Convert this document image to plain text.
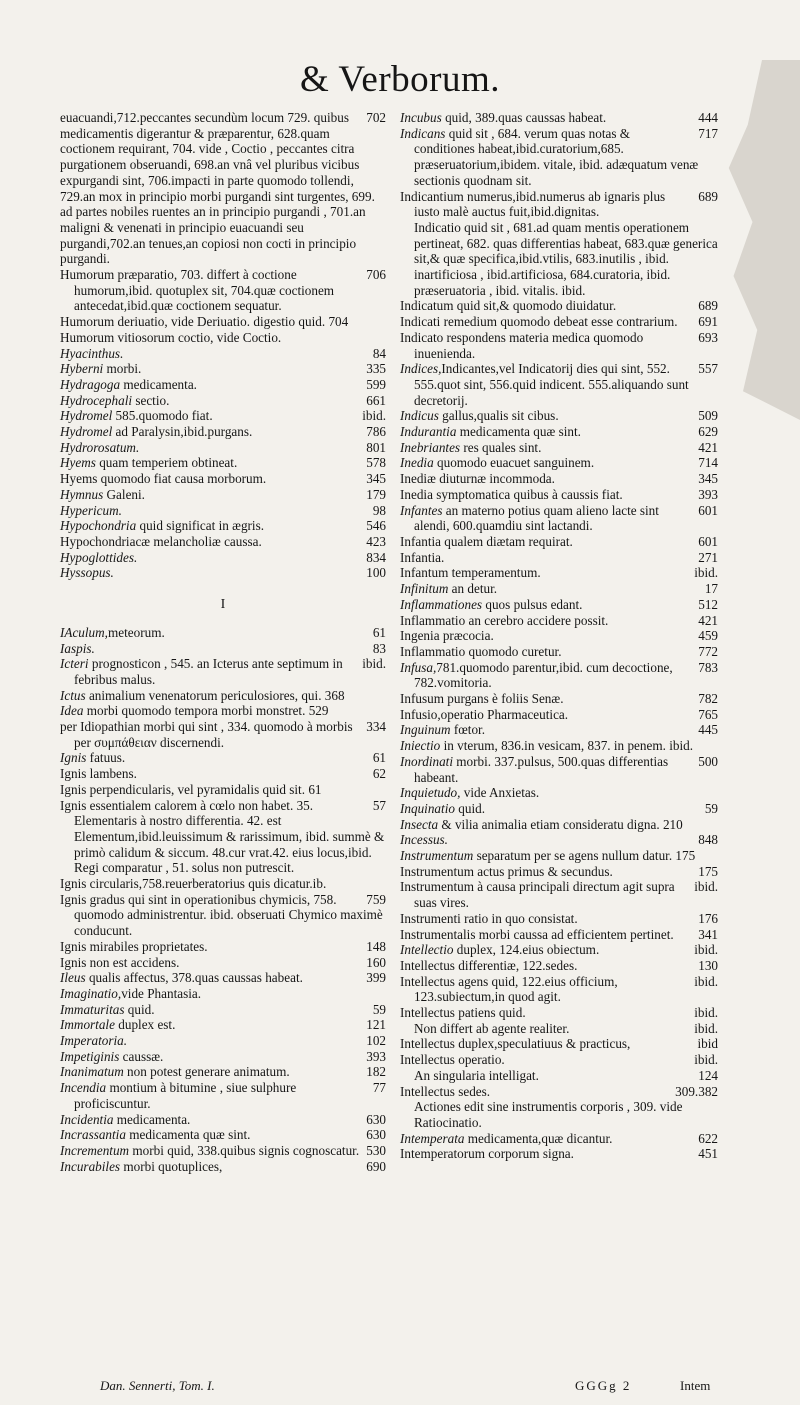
& Verborum.
702
euacuandi,712.peccantes secundùm locum 729. quibus medicamentis digerantur & præparentur, 628.quam coctionem requirant, 704. vide , Coctio , peccantes citra purgationem obseruandi, 698.an vnâ vel pluribus vicibus expurgandi sint, 706.impacti in parte quomodo tollendi, 729.an mox in principio morbi purgandi sint turgentes, 699. ad partes nobiles ruentes an in principio purgandi , 701.an maligni & venenati in principio euacuandi seu purgandi,702.an tenues,an copiosi non cocti in principio purgandi.
706
Humorum præparatio, 703. differt à coctione humorum,ibid. quotuplex sit, 704.quæ coctionem antecedat,ibid.quæ coctionem sequatur.
Humorum deriuatio, vide Deriuatio. digestio quid. 704
Humorum vitiosorum coctio, vide Coctio.
84
Hyacinthus.
335
Hyberni morbi.
599
Hydragoga medicamenta.
661
Hydrocephali sectio.
ibid.
Hydromel 585.quomodo fiat.
786
Hydromel ad Paralysin,ibid.purgans.
801
Hydrorosatum.
578
Hyems quam temperiem obtineat.
345
Hyems quomodo fiat causa morborum.
179
Hymnus Galeni.
98
Hypericum.
546
Hypochondria quid significat in ægris.
423
Hypochondriacæ melancholiæ caussa.
834
Hypoglottides.
100
Hyssopus.
I
61
IAculum,meteorum.
83
Iaspis.
ibid.
Icteri prognosticon , 545. an Icterus ante septimum in febribus malus.
Ictus animalium venenatorum periculosiores, qui. 368
Idea morbi quomodo tempora morbi monstret. 529
334
per Idiopathian morbi qui sint , 334. quomodo à morbis per συμπάθειαν discernendi.
61
Ignis fatuus.
62
Ignis lambens.
Ignis perpendicularis, vel pyramidalis quid sit. 61
57
Ignis essentialem calorem à cœlo non habet. 35. Elementaris à nostro differentia. 42. est Elementum,ibid.leuissimum & rarissimum, ibid. summè & primò calidum & siccum. 48.cur vrat.42. eius locus,ibid. Regi comparatur , 51. solus non putrescit.
Ignis circularis,758.reuerberatorius quis dicatur.ib.
759
Ignis gradus qui sint in operationibus chymicis, 758. quomodo administrentur. ibid. obseruati Chymico maximè conducunt.
148
Ignis mirabiles proprietates.
160
Ignis non est accidens.
399
Ileus qualis affectus, 378.quas caussas habeat.
Imaginatio,vide Phantasia.
59
Immaturitas quid.
121
Immortale duplex est.
102
Imperatoria.
393
Impetiginis caussæ.
182
Inanimatum non potest generare animatum.
77
Incendia montium à bitumine , siue sulphure proficiscuntur.
630
Incidentia medicamenta.
630
Incrassantia medicamenta quæ sint.
530
Incrementum morbi quid, 338.quibus signis cognoscatur.
690
Incurabiles morbi quotuplices,
444
Incubus quid, 389.quas caussas habeat.
717
Indicans quid sit , 684. verum quas notas & conditiones habeat,ibid.curatorium,685. præseruatorium,ibidem. vitale, ibid. adæquatum venæ sectionis quodnam sit.
689
Indicantium numerus,ibid.numerus ab ignaris plus iusto malè auctus fuit,ibid.dignitas.
Indicatio quid sit , 681.ad quam mentis operationem pertineat, 682. quas differentias habeat, 683.quæ generica sit,& quæ specifica,ibid.vtilis, 683.inutilis , ibid. inartificiosa , ibid.artificiosa, 684.curatoria, ibid. præseruatoria , ibid. vitalis. ibid.
689
Indicatum quid sit,& quomodo diuidatur.
691
Indicati remedium quomodo debeat esse contrarium.
693
Indicato respondens materia medica quomodo inuenienda.
557
Indices,Indicantes,vel Indicatorij dies qui sint, 552. 555.quot sint, 556.quid indicent. 555.aliquando sunt decretorij.
509
Indicus gallus,qualis sit cibus.
629
Indurantia medicamenta quæ sint.
421
Inebriantes res quales sint.
714
Inedia quomodo euacuet sanguinem.
345
Inediæ diuturnæ incommoda.
393
Inedia symptomatica quibus à caussis fiat.
601
Infantes an materno potius quam alieno lacte sint alendi, 600.quamdiu sint lactandi.
601
Infantia qualem diætam requirat.
271
Infantia.
ibid.
Infantum temperamentum.
17
Infinitum an detur.
512
Inflammationes quos pulsus edant.
421
Inflammatio an cerebro accidere possit.
459
Ingenia præcocia.
772
Inflammatio quomodo curetur.
783
Infusa,781.quomodo parentur,ibid. cum decoctione, 782.vomitoria.
782
Infusum purgans è foliis Senæ.
765
Infusio,operatio Pharmaceutica.
445
Inguinum fœtor.
Iniectio in vterum, 836.in vesicam, 837. in penem. ibid.
500
Inordinati morbi. 337.pulsus, 500.quas differentias habeant.
Inquietudo, vide Anxietas.
59
Inquinatio quid.
Insecta & vilia animalia etiam consideratu digna. 210
848
Incessus.
Instrumentum separatum per se agens nullum datur. 175
175
Instrumentum actus primus & secundus.
ibid.
Instrumentum à causa principali directum agit supra suas vires.
176
Instrumenti ratio in quo consistat.
341
Instrumentalis morbi caussa ad efficientem pertinet.
ibid.
Intellectio duplex, 124.eius obiectum.
130
Intellectus differentiæ, 122.sedes.
ibid.
Intellectus agens quid, 122.eius officium, 123.subiectum,in quod agit.
ibid.
Intellectus patiens quid.
ibid.
Non differt ab agente realiter.
ibid
Intellectus duplex,speculatiuus & practicus,
ibid.
Intellectus operatio.
124
An singularia intelligat.
309.382
Intellectus sedes.
Actiones edit sine instrumentis corporis , 309. vide Ratiocinatio.
622
Intemperata medicamenta,quæ dicantur.
451
Intemperatorum corporum signa.
Dan. Sennerti, Tom. I.	GGGg 2	Intem
